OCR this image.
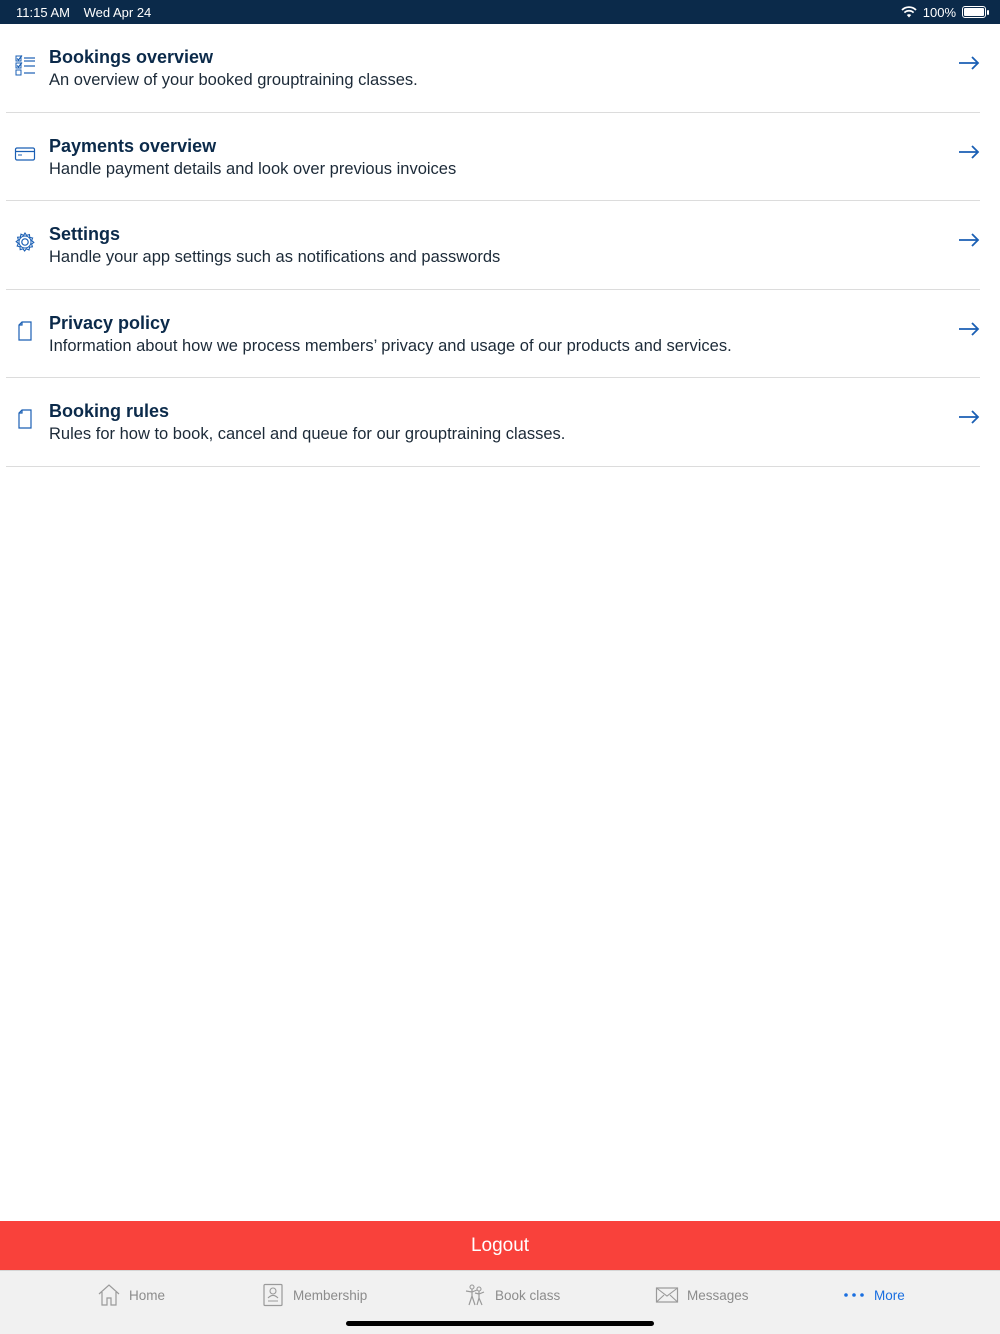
11:15 AM Wed Apr 24	100%
Bookings overview
An overview of your booked grouptraining classes.
Payments overview
Handle payment details and look over previous invoices
Settings
Handle your app settings such as notifications and passwords
Privacy policy
Information about how we process members’ privacy and usage of our products and services.
Booking rules
Rules for how to book, cancel and queue for our grouptraining classes.
Logout
Home	Membership	Book class	Messages	More
